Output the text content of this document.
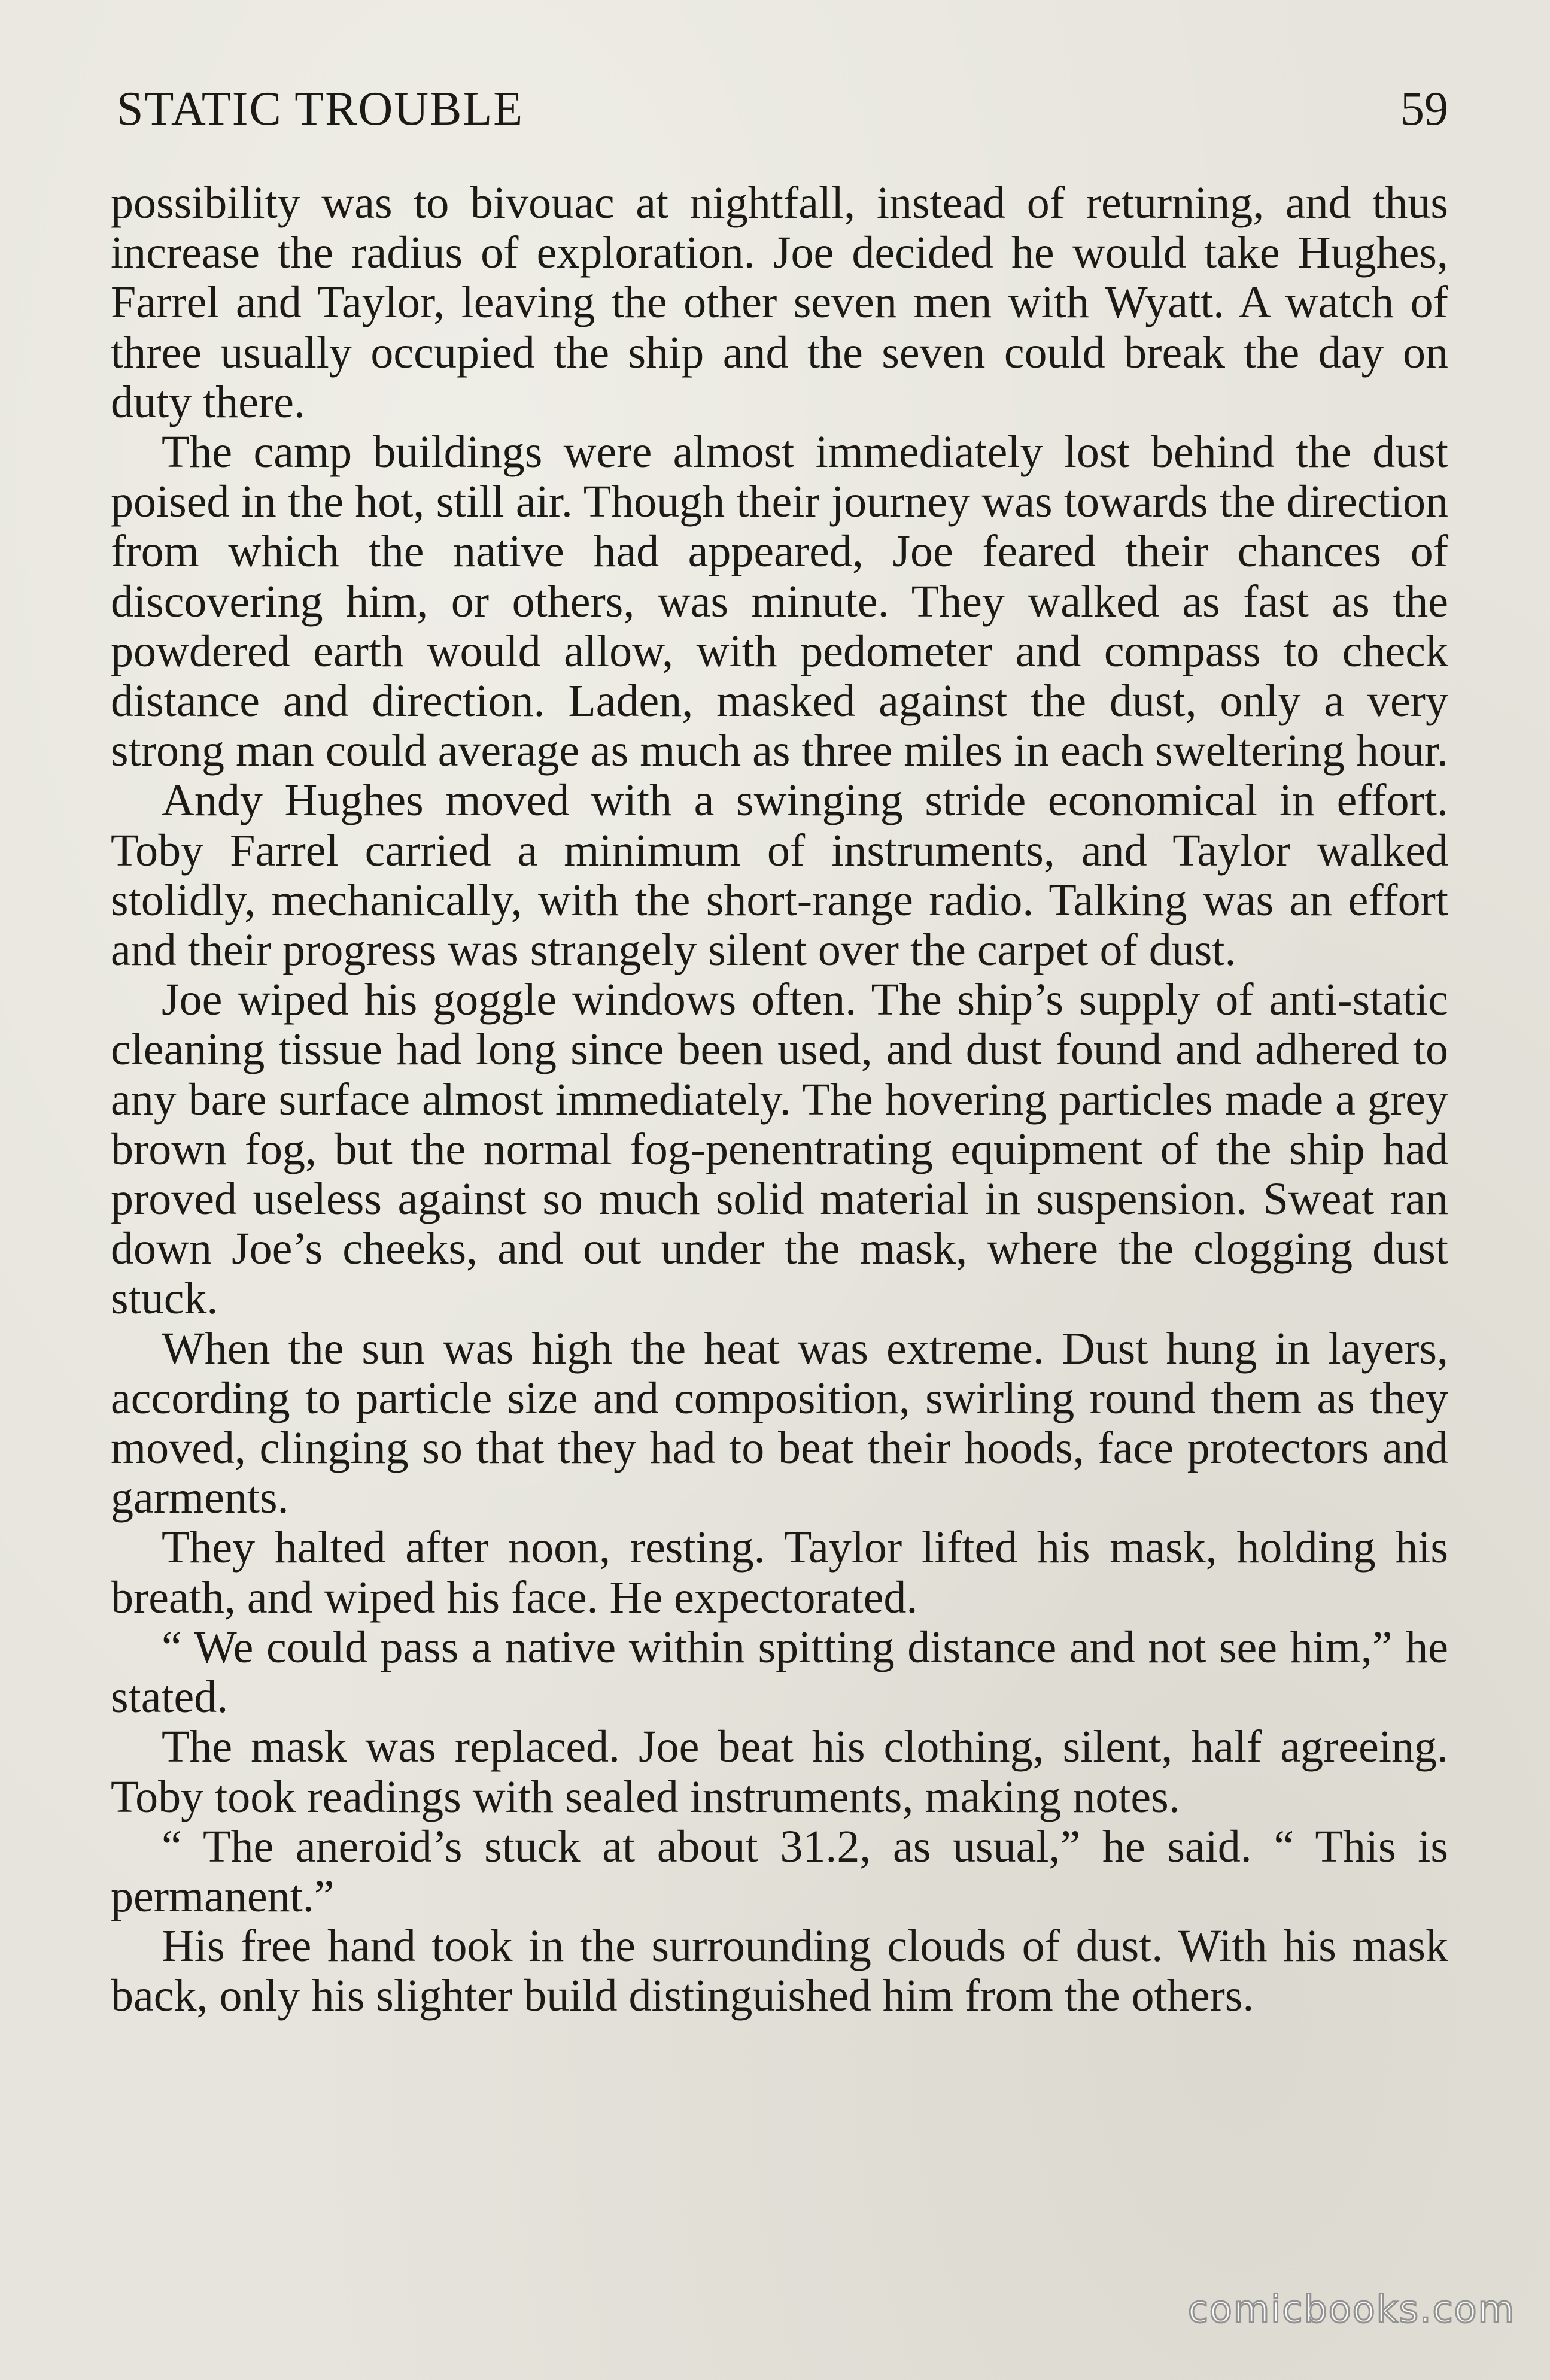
STATIC TROUBLE	59

possibility was to bivouac at nightfall, instead of returning, and thus increase the radius of exploration. Joe decided he would take Hughes, Farrel and Taylor, leaving the other seven men with Wyatt. A watch of three usually occupied the ship and the seven could break the day on duty there.

The camp buildings were almost immediately lost behind the dust poised in the hot, still air. Though their journey was towards the direction from which the native had appeared, Joe feared their chances of discovering him, or others, was minute. They walked as fast as the powdered earth would allow, with pedometer and compass to check distance and direction. Laden, masked against the dust, only a very strong man could average as much as three miles in each sweltering hour.

Andy Hughes moved with a swinging stride economical in effort. Toby Farrel carried a minimum of instruments, and Taylor walked stolidly, mechanically, with the short-range radio. Talking was an effort and their progress was strangely silent over the carpet of dust.

Joe wiped his goggle windows often. The ship’s supply of anti-static cleaning tissue had long since been used, and dust found and adhered to any bare surface almost immediately. The hovering particles made a grey brown fog, but the normal fog-penentrating equipment of the ship had proved useless against so much solid material in suspension. Sweat ran down Joe’s cheeks, and out under the mask, where the clogging dust stuck.

When the sun was high the heat was extreme. Dust hung in layers, according to particle size and composition, swirling round them as they moved, clinging so that they had to beat their hoods, face protectors and garments.

They halted after noon, resting. Taylor lifted his mask, holding his breath, and wiped his face. He expectorated.

“ We could pass a native within spitting distance and not see him,” he stated.

The mask was replaced. Joe beat his clothing, silent, half agreeing. Toby took readings with sealed instruments, making notes.

“ The aneroid’s stuck at about 31.2, as usual,” he said. “ This is permanent.”

His free hand took in the surrounding clouds of dust. With his mask back, only his slighter build distinguished him from the others.

comicbooks.com
